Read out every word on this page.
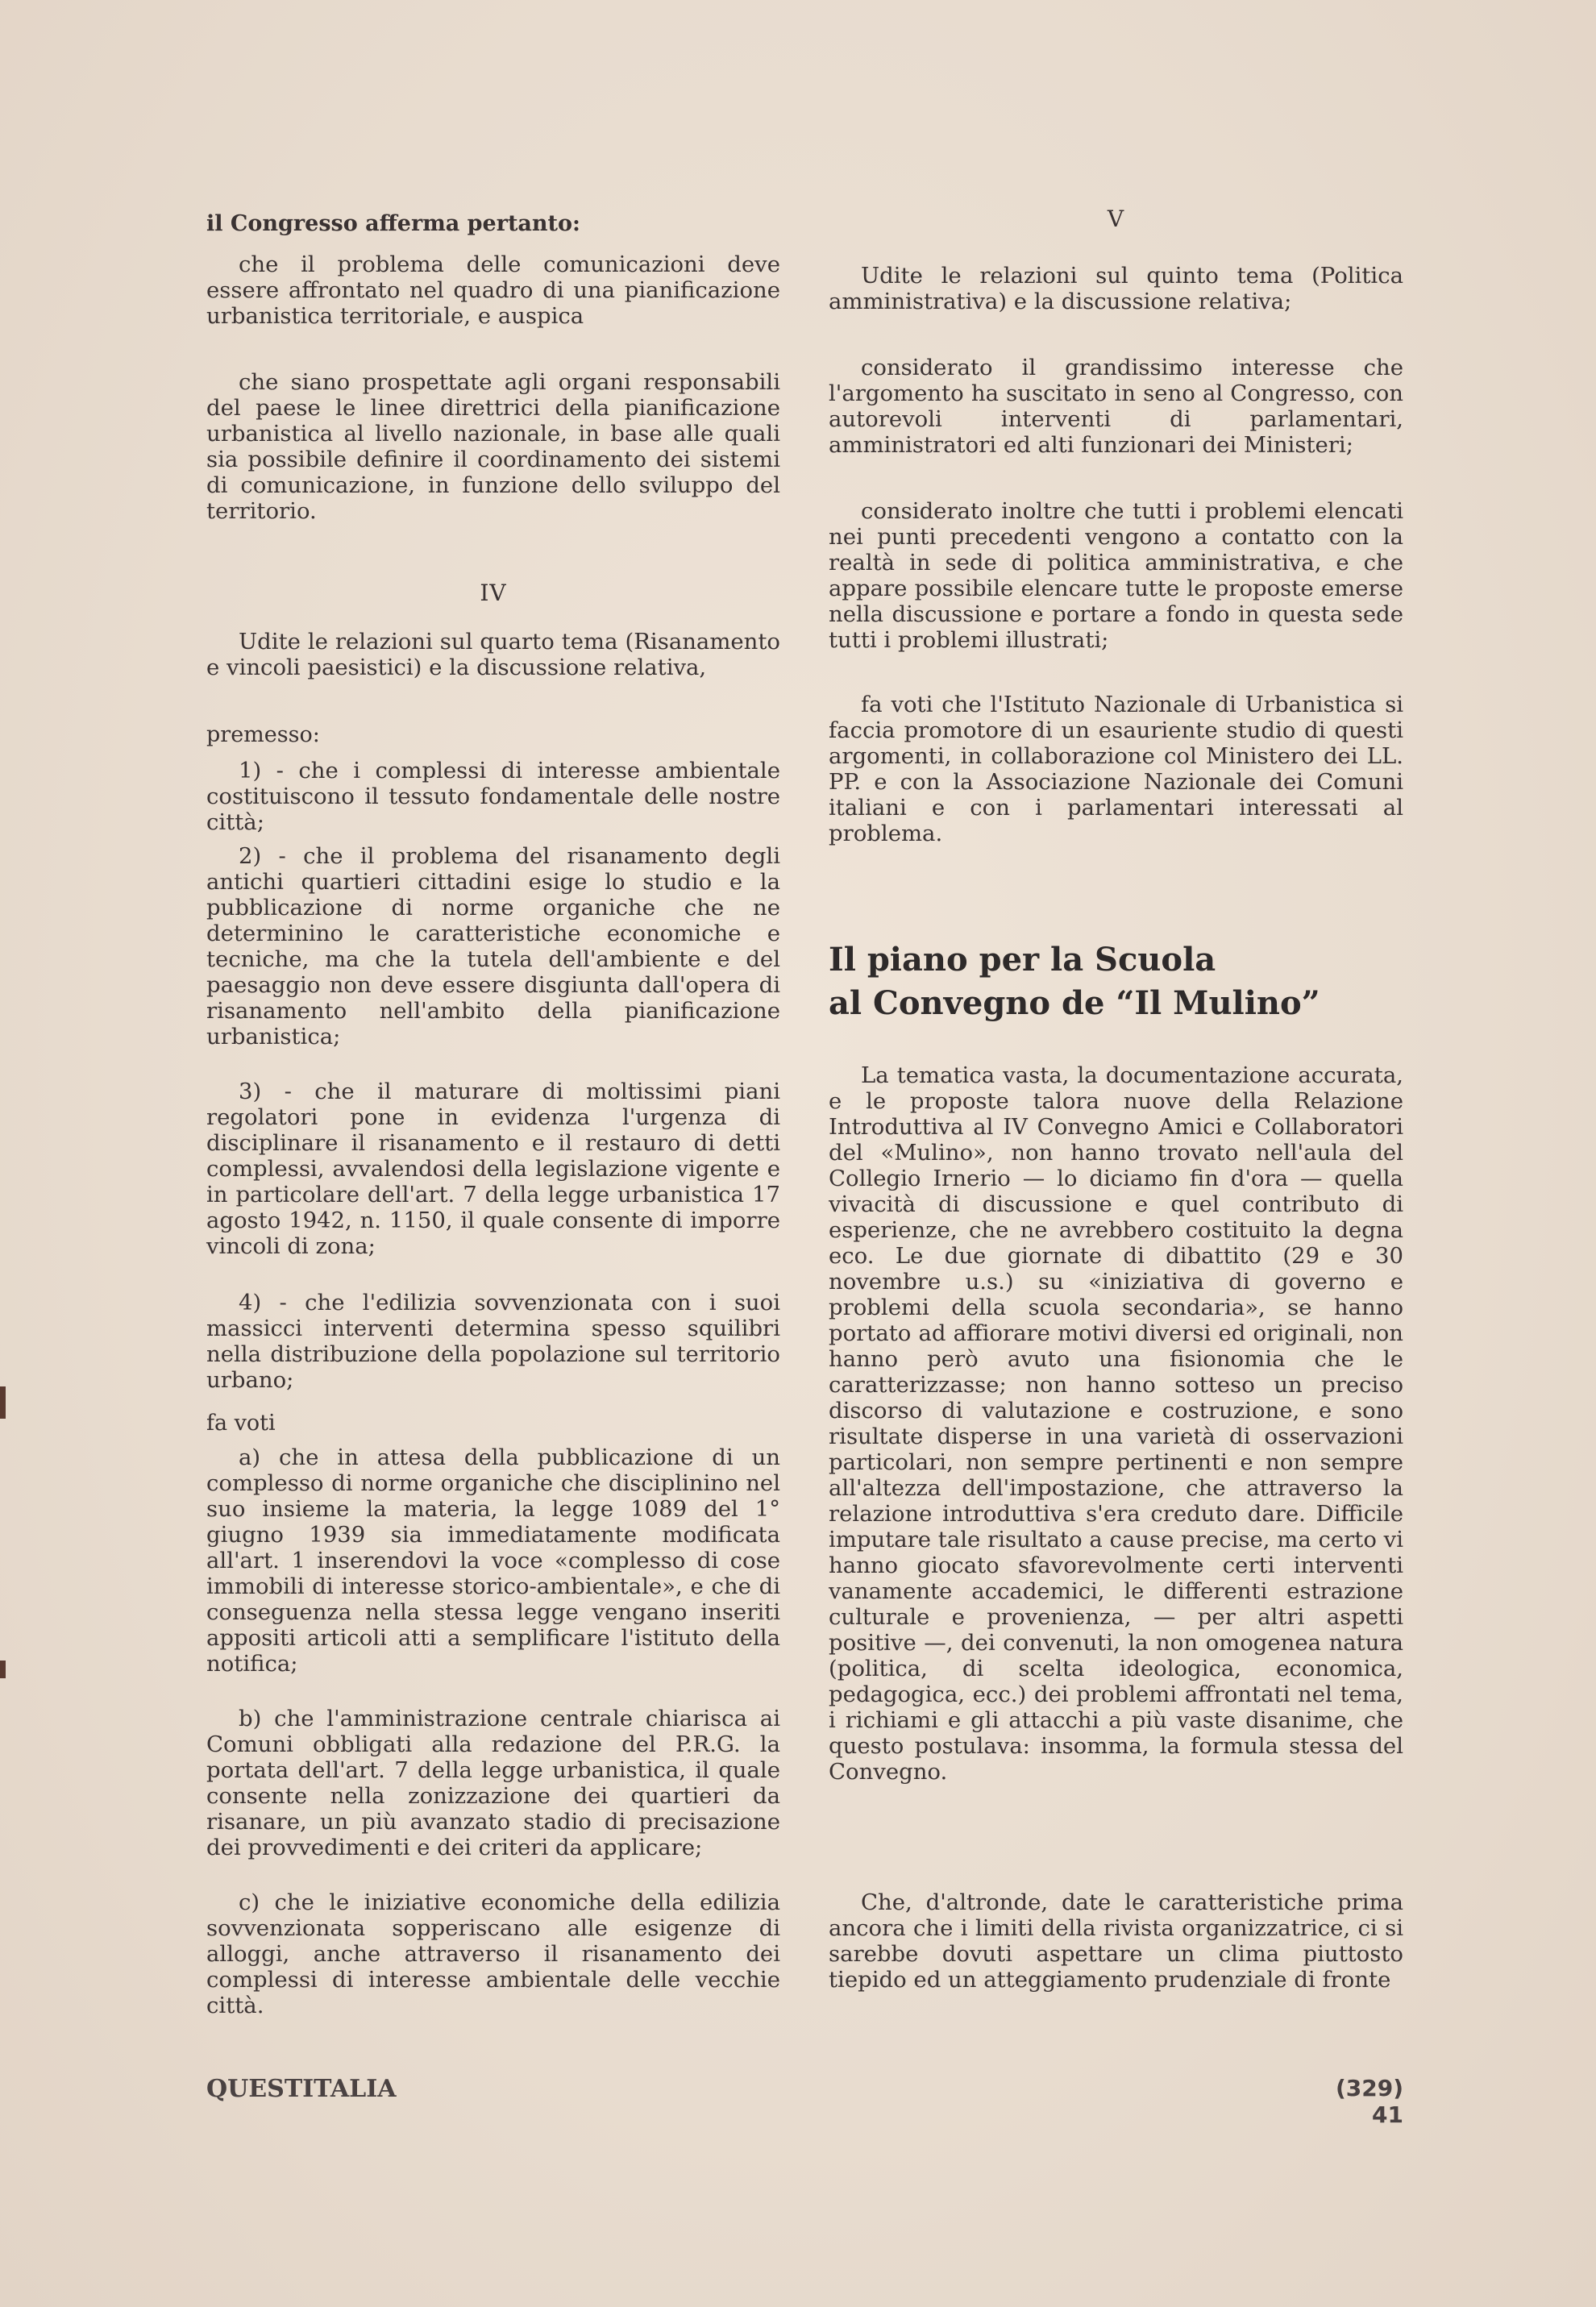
il Congresso afferma pertanto:

che il problema delle comunicazioni deve essere affrontato nel quadro di una pianificazione urbanistica territoriale, e auspica

che siano prospettate agli organi responsabili del paese le linee direttrici della pianificazione urbanistica al livello nazionale, in base alle quali sia possibile definire il coordinamento dei sistemi di comunicazione, in funzione dello sviluppo del territorio.

IV

Udite le relazioni sul quarto tema (Risanamento e vincoli paesistici) e la discussione relativa,

premesso:

1) - che i complessi di interesse ambientale costituiscono il tessuto fondamentale delle nostre città;

2) - che il problema del risanamento degli antichi quartieri cittadini esige lo studio e la pubblicazione di norme organiche che ne determinino le caratteristiche economiche e tecniche, ma che la tutela dell'ambiente e del paesaggio non deve essere disgiunta dall'opera di risanamento nell'ambito della pianificazione urbanistica;

3) - che il maturare di moltissimi piani regolatori pone in evidenza l'urgenza di disciplinare il risanamento e il restauro di detti complessi, avvalendosi della legislazione vigente e in particolare dell'art. 7 della legge urbanistica 17 agosto 1942, n. 1150, il quale consente di imporre vincoli di zona;

4) - che l'edilizia sovvenzionata con i suoi massicci interventi determina spesso squilibri nella distribuzione della popolazione sul territorio urbano;

fa voti

a) che in attesa della pubblicazione di un complesso di norme organiche che disciplinino nel suo insieme la materia, la legge 1089 del 1° giugno 1939 sia immediatamente modificata all'art. 1 inserendovi la voce «complesso di cose immobili di interesse storico-ambientale», e che di conseguenza nella stessa legge vengano inseriti appositi articoli atti a semplificare l'istituto della notifica;

b) che l'amministrazione centrale chiarisca ai Comuni obbligati alla redazione del P.R.G. la portata dell'art. 7 della legge urbanistica, il quale consente nella zonizzazione dei quartieri da risanare, un più avanzato stadio di precisazione dei provvedimenti e dei criteri da applicare;

c) che le iniziative economiche della edilizia sovvenzionata sopperiscano alle esigenze di alloggi, anche attraverso il risanamento dei complessi di interesse ambientale delle vecchie città.

V

Udite le relazioni sul quinto tema (Politica amministrativa) e la discussione relativa;

considerato il grandissimo interesse che l'argomento ha suscitato in seno al Congresso, con autorevoli interventi di parlamentari, amministratori ed alti funzionari dei Ministeri;

considerato inoltre che tutti i problemi elencati nei punti precedenti vengono a contatto con la realtà in sede di politica amministrativa, e che appare possibile elencare tutte le proposte emerse nella discussione e portare a fondo in questa sede tutti i problemi illustrati;

fa voti che l'Istituto Nazionale di Urbanistica si faccia promotore di un esauriente studio di questi argomenti, in collaborazione col Ministero dei LL. PP. e con la Associazione Nazionale dei Comuni italiani e con i parlamentari interessati al problema.

Il piano per la Scuola

al Convegno de “Il Mulino”

La tematica vasta, la documentazione accurata, e le proposte talora nuove della Relazione Introduttiva al IV Convegno Amici e Collaboratori del «Mulino», non hanno trovato nell'aula del Collegio Irnerio — lo diciamo fin d'ora — quella vivacità di discussione e quel contributo di esperienze, che ne avrebbero costituito la degna eco. Le due giornate di dibattito (29 e 30 novembre u.s.) su «iniziativa di governo e problemi della scuola secondaria», se hanno portato ad affiorare motivi diversi ed originali, non hanno però avuto una fisionomia che le caratterizzasse; non hanno sotteso un preciso discorso di valutazione e costruzione, e sono risultate disperse in una varietà di osservazioni particolari, non sempre pertinenti e non sempre all'altezza dell'impostazione, che attraverso la relazione introduttiva s'era creduto dare. Difficile imputare tale risultato a cause precise, ma certo vi hanno giocato sfavorevolmente certi interventi vanamente accademici, le differenti estrazione culturale e provenienza, — per altri aspetti positive —, dei convenuti, la non omogenea natura (politica, di scelta ideologica, economica, pedagogica, ecc.) dei problemi affrontati nel tema, i richiami e gli attacchi a più vaste disanime, che questo postulava: insomma, la formula stessa del Convegno.

Che, d'altronde, date le caratteristiche prima ancora che i limiti della rivista organizzatrice, ci si sarebbe dovuti aspettare un clima piuttosto tiepido ed un atteggiamento prudenziale di fronte

QUESTITALIA	(329) 41
